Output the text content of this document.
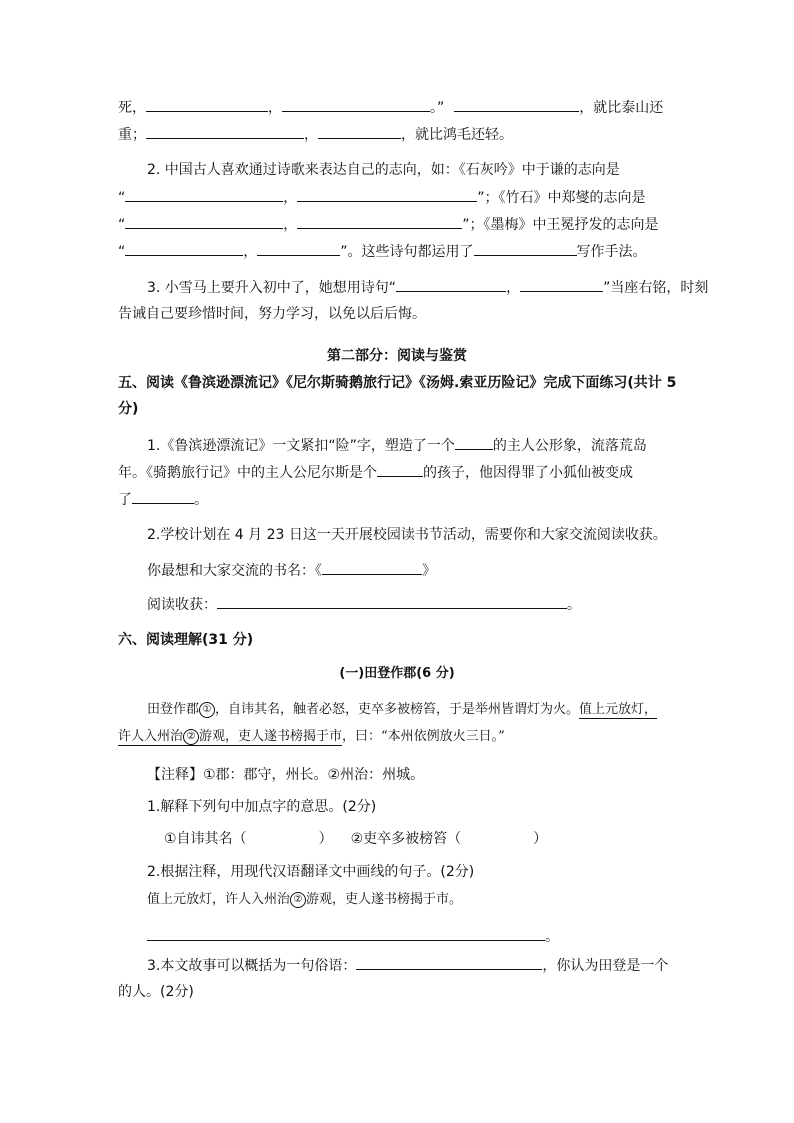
死，	，	。”	，就比泰山还
重；	，	，就比鸿毛还轻。
2. 中国古人喜欢通过诗歌来表达自己的志向，如：《石灰吟》中于谦的志向是
“	，	”；《竹石》中郑燮的志向是
“	，	”；《墨梅》中王冕抒发的志向是
“	，	”。这些诗句都运用了	写作手法。
3. 小雪马上要升入初中了，她想用诗句“	，	”当座右铭，时刻
告诫自己要珍惜时间，努力学习，以免以后后悔。
第二部分：阅读与鉴赏
五、阅读《鲁滨逊漂流记》《尼尔斯骑鹅旅行记》《汤姆.索亚历险记》完成下面练习(共计 5
分)
1.《鲁滨逊漂流记》一文紧扣“险”字，塑造了一个	的主人公形象，流落荒岛
年。《骑鹅旅行记》中的主人公尼尔斯是个	的孩子，他因得罪了小狐仙被变成
了	。
2.学校计划在 4 月 23 日这一天开展校园读书节活动，需要你和大家交流阅读收获。
你最想和大家交流的书名：《	》
阅读收获：	。
六、阅读理解(31 分)
(一)田登作郡(6 分)
田登作郡 ① ，自讳其名，触者必怒，吏卒多被榜笞，于是举州皆谓灯为火。值上元放灯，
许人入州治 ② 游观，吏人遂书榜揭于市，曰：“本州依例放火三日。”
【注释】①郡：郡守，州长。②州治：州城。
1.解释下列句中加点字的意思。(2分)
①自讳其名（	） ②吏卒多被榜笞（	）
2.根据注释，用现代汉语翻译文中画线的句子。(2分)
值上元放灯，许人入州治 ② 游观，吏人遂书榜揭于市。
。
3.本文故事可以概括为一句俗语：	，你认为田登是一个
的人。(2分)
